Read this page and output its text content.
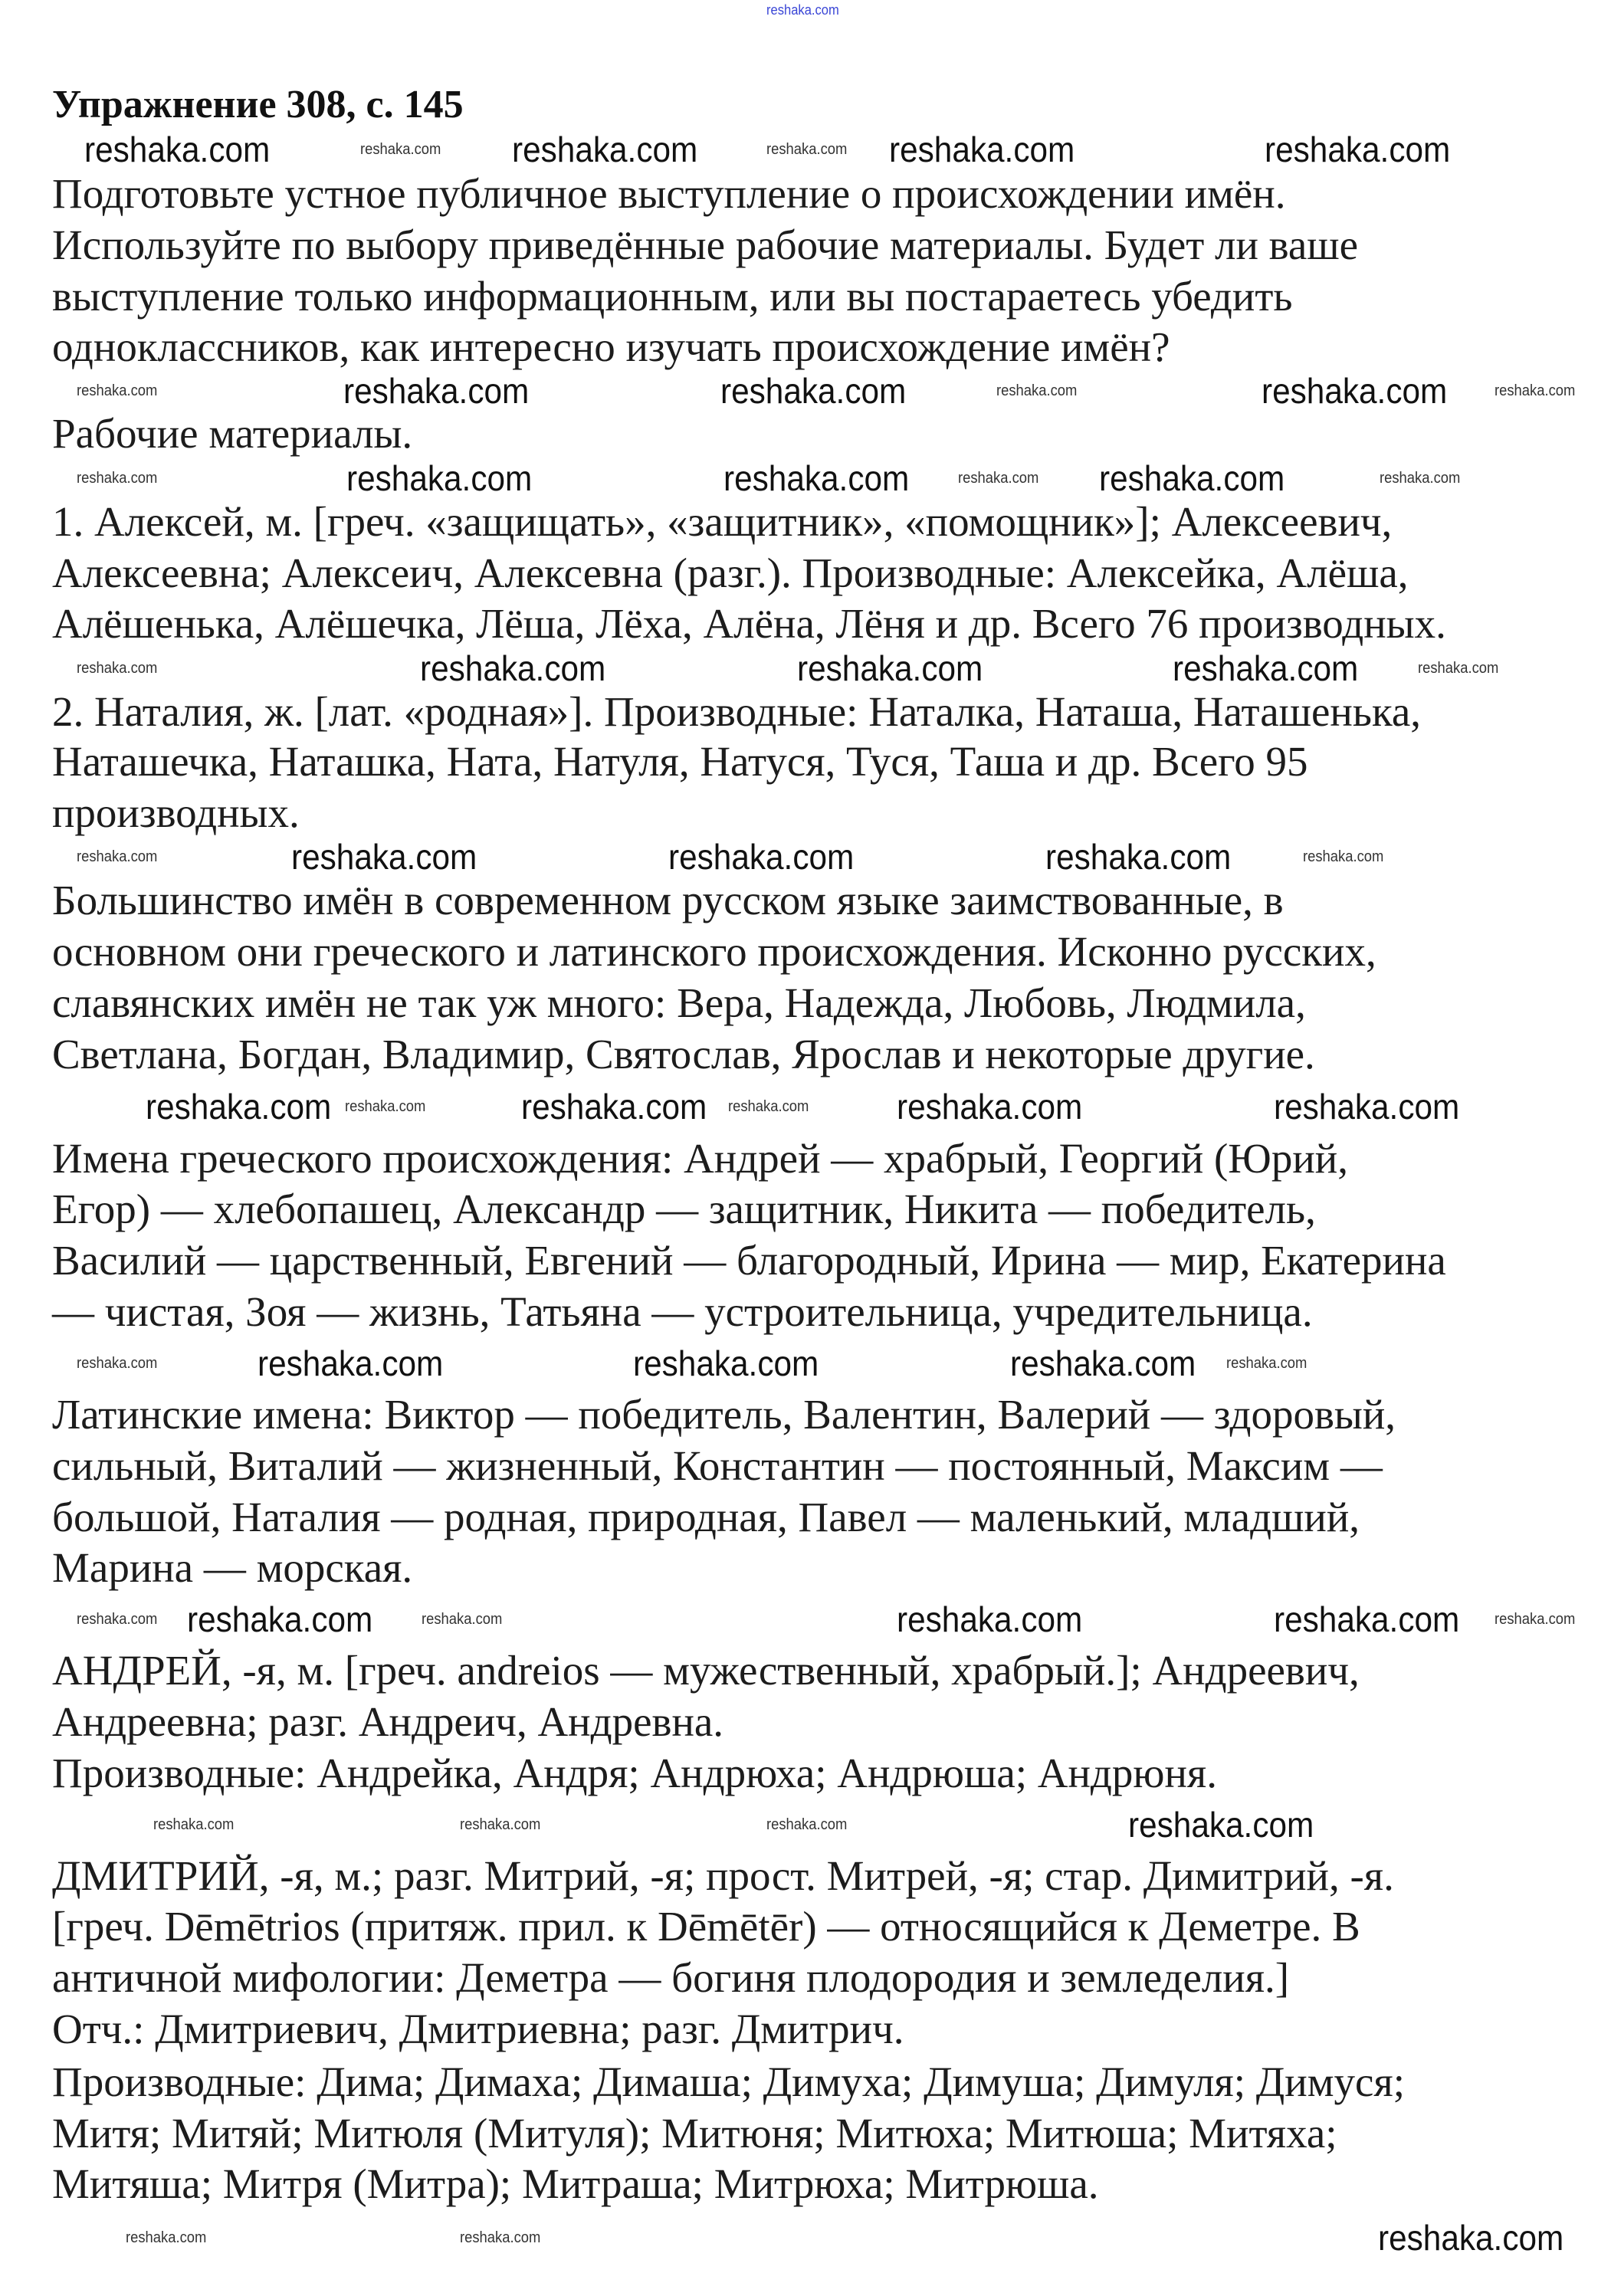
reshaka.com
Упражнение 308, с. 145
Подготовьте устное публичное выступление о происхождении имён.
Используйте по выбору приведённые рабочие материалы. Будет ли ваше
выступление только информационным, или вы постараетесь убедить
одноклассников, как интересно изучать происхождение имён?
Рабочие материалы.
1. Алексей, м. [греч. «защищать», «защитник», «помощник»]; Алексеевич,
Алексеевна; Алексеич, Алексевна (разг.). Производные: Алексейка, Алёша,
Алёшенька, Алёшечка, Лёша, Лёха, Алёна, Лёня и др. Всего 76 производных.
2. Наталия, ж. [лат. «родная»]. Производные: Наталка, Наташа, Наташенька,
Наташечка, Наташка, Ната, Натуля, Натуся, Туся, Таша и др. Всего 95
производных.
Большинство имён в современном русском языке заимствованные, в
основном они греческого и латинского происхождения. Исконно русских,
славянских имён не так уж много: Вера, Надежда, Любовь, Людмила,
Светлана, Богдан, Владимир, Святослав, Ярослав и некоторые другие.
Имена греческого происхождения: Андрей — храбрый, Георгий (Юрий,
Егор) — хлебопашец, Александр — защитник, Никита — победитель,
Василий — царственный, Евгений — благородный, Ирина — мир, Екатерина
— чистая, Зоя — жизнь, Татьяна — устроительница, учредительница.
Латинские имена: Виктор — победитель, Валентин, Валерий — здоровый,
сильный, Виталий — жизненный, Константин — постоянный, Максим —
большой, Наталия — родная, природная, Павел — маленький, младший,
Марина — морская.
АНДРЕЙ, -я, м. [греч. andreios — мужественный, храбрый.]; Андреевич,
Андреевна; разг. Андреич, Андревна.
Производные: Андрейка, Андря; Андрюха; Андрюша; Андрюня.
ДМИТРИЙ, -я, м.; разг. Митрий, -я; прост. Митрей, -я; стар. Димитрий, -я.
[греч. Dēmētrios (притяж. прил. к Dēmētēr) — относящийся к Деметре. В
античной мифологии: Деметра — богиня плодородия и земледелия.]
Отч.: Дмитриевич, Дмитриевна; разг. Дмитрич.
Производные: Дима; Димаха; Димаша; Димуха; Димуша; Димуля; Димуся;
Митя; Митяй; Митюля (Митуля); Митюня; Митюха; Митюша; Митяха;
Митяша; Митря (Митра); Митраша; Митрюха; Митрюша.
reshaka.com	reshaka.com	reshaka.com	reshaka.com
reshaka.com	reshaka.com	reshaka.com
reshaka.com	reshaka.com	reshaka.com
reshaka.com	reshaka.com	reshaka.com
reshaka.com
reshaka.com	reshaka.com
reshaka.com	reshaka.com	reshaka.com
reshaka.com
reshaka.com	reshaka.com
reshaka.com
reshaka.com
reshaka.com	reshaka.com
reshaka.com
reshaka.com
reshaka.com	reshaka.com
reshaka.com	reshaka.com	reshaka.com
reshaka.com	reshaka.com	reshaka.com
reshaka.com	reshaka.com
reshaka.com	reshaka.com
reshaka.com	reshaka.com
reshaka.com	reshaka.com
reshaka.com	reshaka.com	reshaka.com
reshaka.com	reshaka.com	reshaka.com
reshaka.com	reshaka.com
